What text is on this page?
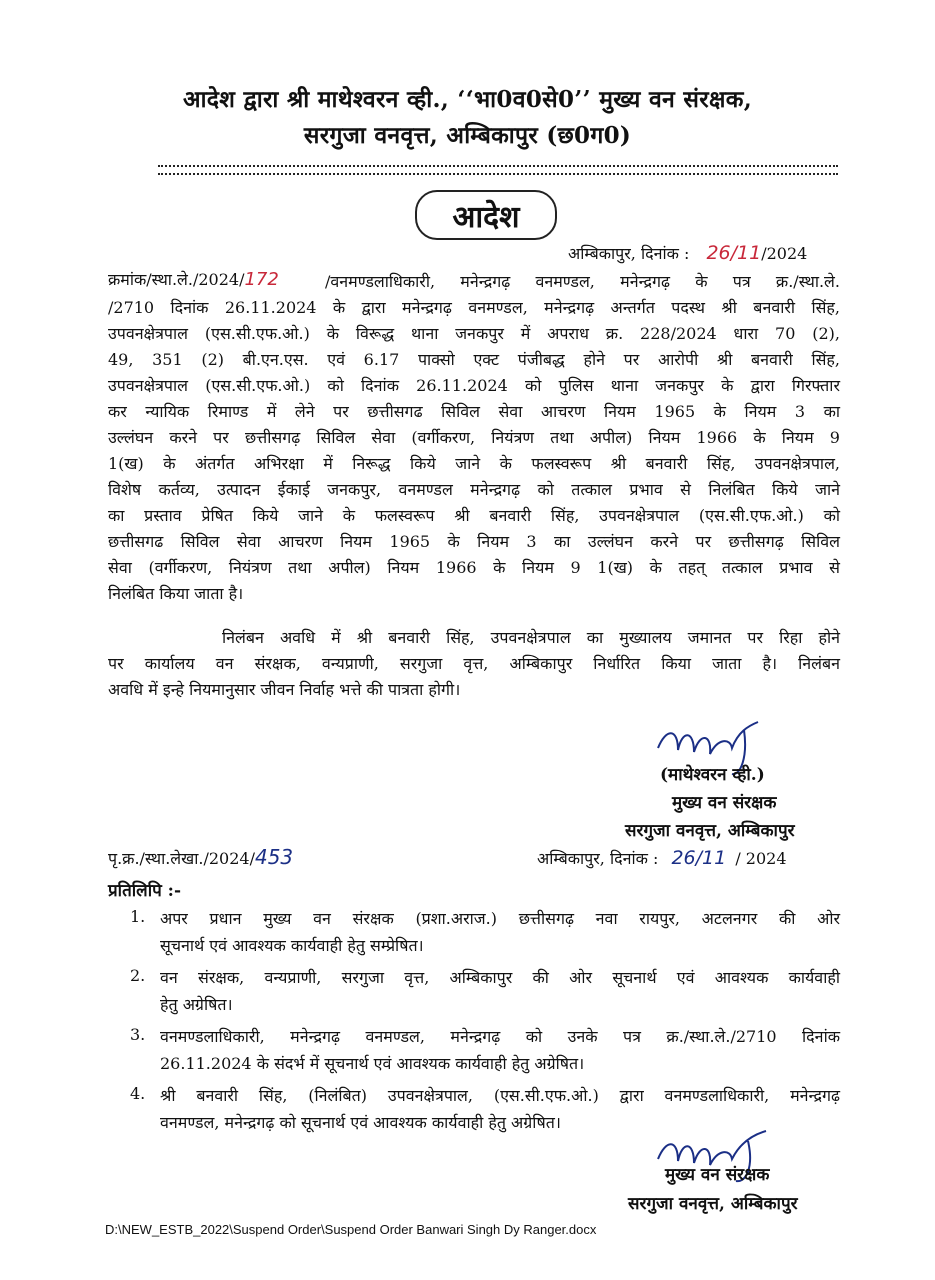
आदेश द्वारा श्री माथेश्वरन व्ही., ‘‘भा0व0से0’’ मुख्य वन संरक्षक,
सरगुजा वनवृत्त, अम्बिकापुर (छ0ग0)
आदेश
अम्बिकापुर, दिनांक : 26/11/2024
क्रमांक/स्था.ले./2024/172	/वनमण्डलाधिकारी, मनेन्द्रगढ़ वनमण्डल, मनेन्द्रगढ़ के पत्र क्र./स्था.ले.
/2710 दिनांक 26.11.2024 के द्वारा मनेन्द्रगढ़ वनमण्डल, मनेन्द्रगढ़ अन्तर्गत पदस्थ श्री बनवारी सिंह,
उपवनक्षेत्रपाल (एस.सी.एफ.ओ.) के विरूद्ध थाना जनकपुर में अपराध क्र. 228/2024 धारा 70 (2),
49, 351 (2) बी.एन.एस. एवं 6.17 पाक्सो एक्ट पंजीबद्ध होने पर आरोपी श्री बनवारी सिंह,
उपवनक्षेत्रपाल (एस.सी.एफ.ओ.) को दिनांक 26.11.2024 को पुलिस थाना जनकपुर के द्वारा गिरफ्तार
कर न्यायिक रिमाण्ड में लेने पर छत्तीसगढ सिविल सेवा आचरण नियम 1965 के नियम 3 का
उल्लंघन करने पर छत्तीसगढ़ सिविल सेवा (वर्गीकरण, नियंत्रण तथा अपील) नियम 1966 के नियम 9
1(ख) के अंतर्गत अभिरक्षा में निरूद्ध किये जाने के फलस्वरूप श्री बनवारी सिंह, उपवनक्षेत्रपाल,
विशेष कर्तव्य, उत्पादन ईकाई जनकपुर, वनमण्डल मनेन्द्रगढ़ को तत्काल प्रभाव से निलंबित किये जाने
का प्रस्ताव प्रेषित किये जाने के फलस्वरूप श्री बनवारी सिंह, उपवनक्षेत्रपाल (एस.सी.एफ.ओ.) को
छत्तीसगढ सिविल सेवा आचरण नियम 1965 के नियम 3 का उल्लंघन करने पर छत्तीसगढ़ सिविल
सेवा (वर्गीकरण, नियंत्रण तथा अपील) नियम 1966 के नियम 9 1(ख) के तहत् तत्काल प्रभाव से
निलंबित किया जाता है।
निलंबन अवधि में श्री बनवारी सिंह, उपवनक्षेत्रपाल का मुख्यालय जमानत पर रिहा होने
पर कार्यालय वन संरक्षक, वन्यप्राणी, सरगुजा वृत्त, अम्बिकापुर निर्धारित किया जाता है। निलंबन
अवधि में इन्हे नियमानुसार जीवन निर्वाह भत्ते की पात्रता होगी।
(माथेश्वरन व्ही.)
मुख्य वन संरक्षक
सरगुजा वनवृत्त, अम्बिकापुर
पृ.क्र./स्था.लेखा./2024/453	अम्बिकापुर, दिनांक : 26/11 / 2024
प्रतिलिपि :-
1. अपर प्रधान मुख्य वन संरक्षक (प्रशा.अराज.) छत्तीसगढ़ नवा रायपुर, अटलनगर की ओर
सूचनार्थ एवं आवश्यक कार्यवाही हेतु सम्प्रेषित।
2. वन संरक्षक, वन्यप्राणी, सरगुजा वृत्त, अम्बिकापुर की ओर सूचनार्थ एवं आवश्यक कार्यवाही
हेतु अग्रेषित।
3. वनमण्डलाधिकारी, मनेन्द्रगढ़ वनमण्डल, मनेन्द्रगढ़ को उनके पत्र क्र./स्था.ले./2710 दिनांक
26.11.2024 के संदर्भ में सूचनार्थ एवं आवश्यक कार्यवाही हेतु अग्रेषित।
4. श्री बनवारी सिंह, (निलंबित) उपवनक्षेत्रपाल, (एस.सी.एफ.ओ.) द्वारा वनमण्डलाधिकारी, मनेन्द्रगढ़
वनमण्डल, मनेन्द्रगढ़ को सूचनार्थ एवं आवश्यक कार्यवाही हेतु अग्रेषित।
मुख्य वन संरक्षक
सरगुजा वनवृत्त, अम्बिकापुर
D:\NEW_ESTB_2022\Suspend Order\Suspend Order Banwari Singh Dy Ranger.docx
